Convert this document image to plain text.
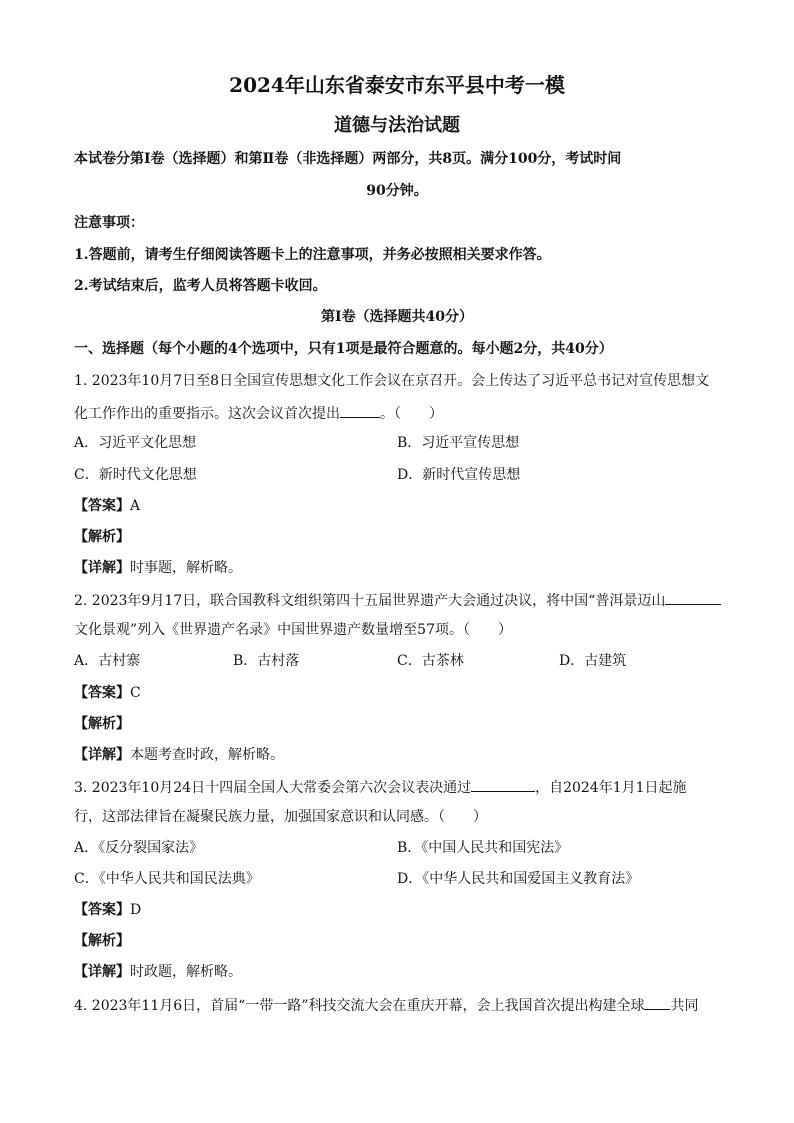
2024年山东省泰安市东平县中考一模
道德与法治试题
本试卷分第Ⅰ卷（选择题）和第Ⅱ卷（非选择题）两部分，共8页。满分100分，考试时间
90分钟。
注意事项：
1.答题前，请考生仔细阅读答题卡上的注意事项，并务必按照相关要求作答。
2.考试结束后，监考人员将答题卡收回。
第Ⅰ卷（选择题共40分）
一、选择题（每个小题的4个选项中，只有1项是最符合题意的。每小题2分，共40分）
1. 2023年10月7日至8日全国宣传思想文化工作会议在京召开。会上传达了习近平总书记对宣传思想文
化工作作出的重要指示。这次会议首次提出	。（　　）
A．习近平文化思想	B．习近平宣传思想
C．新时代文化思想	D．新时代宣传思想
【答案】A
【解析】
【详解】时事题，解析略。
2. 2023年9月17日，联合国教科文组织第四十五届世界遗产大会通过决议，将中国“普洱景迈山
文化景观”列入《世界遗产名录》中国世界遗产数量增至57项。（　　）
A．古村寨	B．古村落	C．古茶林	D．古建筑
【答案】C
【解析】
【详解】本题考查时政，解析略。
3. 2023年10月24日十四届全国人大常委会第六次会议表决通过	，自2024年1月1日起施
行，这部法律旨在凝聚民族力量，加强国家意识和认同感。（　　）
A．《反分裂国家法》	B．《中国人民共和国宪法》
C．《中华人民共和国民法典》	D．《中华人民共和国爱国主义教育法》
【答案】D
【解析】
【详解】时政题，解析略。
4. 2023年11月6日，首届“一带一路”科技交流大会在重庆开幕，会上我国首次提出构建全球 共同
